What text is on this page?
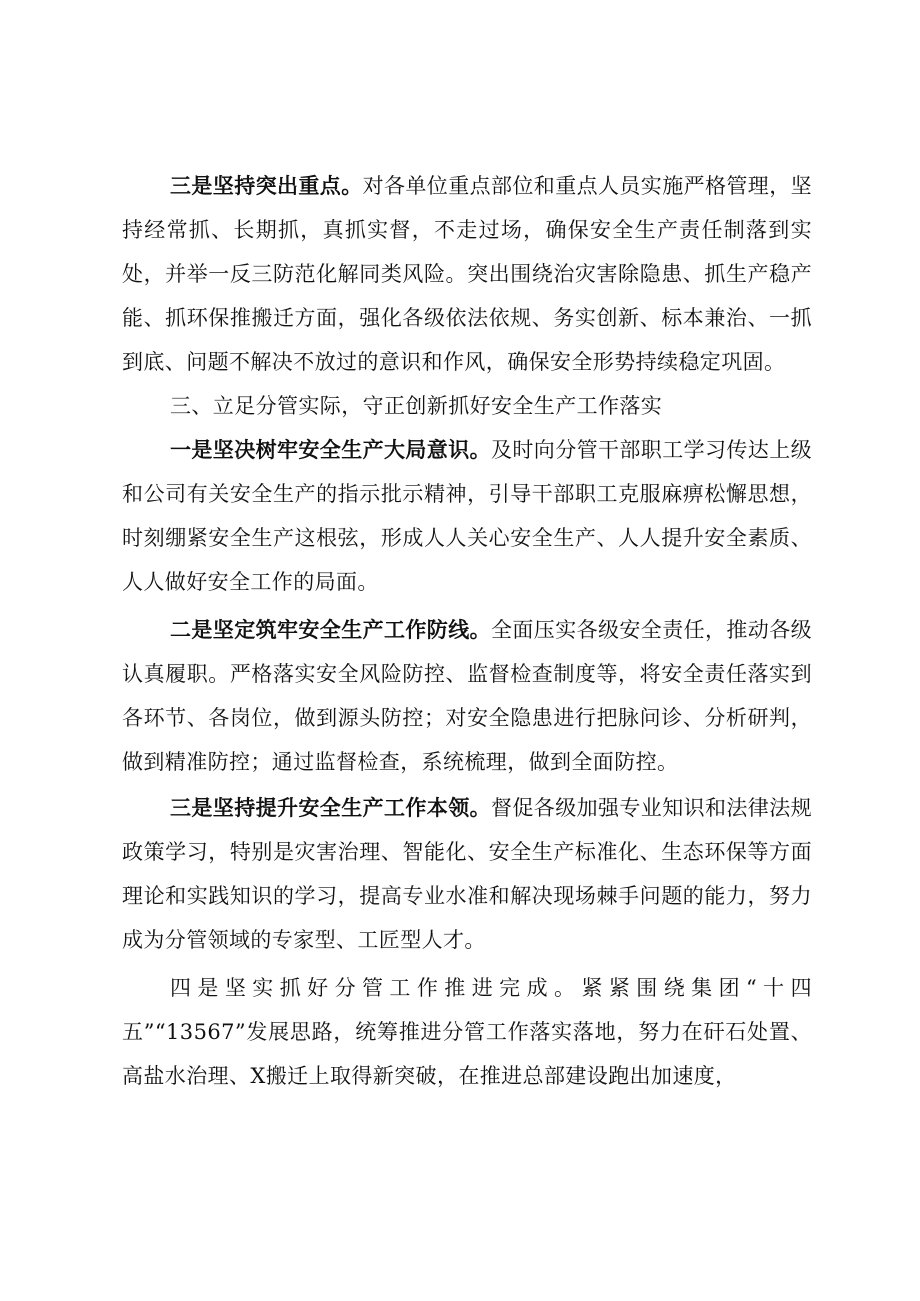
三是坚持突出重点。对各单位重点部位和重点人员实施严格管理，坚持经常抓、长期抓，真抓实督，不走过场，确保安全生产责任制落到实处，并举一反三防范化解同类风险。突出围绕治灾害除隐患、抓生产稳产能、抓环保推搬迁方面，强化各级依法依规、务实创新、标本兼治、一抓到底、问题不解决不放过的意识和作风，确保安全形势持续稳定巩固。

三、立足分管实际，守正创新抓好安全生产工作落实

一是坚决树牢安全生产大局意识。及时向分管干部职工学习传达上级和公司有关安全生产的指示批示精神，引导干部职工克服麻痹松懈思想，时刻绷紧安全生产这根弦，形成人人关心安全生产、人人提升安全素质、人人做好安全工作的局面。

二是坚定筑牢安全生产工作防线。全面压实各级安全责任，推动各级认真履职。严格落实安全风险防控、监督检查制度等，将安全责任落实到各环节、各岗位，做到源头防控；对安全隐患进行把脉问诊、分析研判，做到精准防控；通过监督检查，系统梳理，做到全面防控。

三是坚持提升安全生产工作本领。督促各级加强专业知识和法律法规政策学习，特别是灾害治理、智能化、安全生产标准化、生态环保等方面理论和实践知识的学习，提高专业水准和解决现场棘手问题的能力，努力成为分管领域的专家型、工匠型人才。

四是坚实抓好分管工作推进完成。紧紧围绕集团“十四五”“13567”发展思路，统筹推进分管工作落实落地，努力在矸石处置、高盐水治理、X搬迁上取得新突破，在推进总部建设跑出加速度，
